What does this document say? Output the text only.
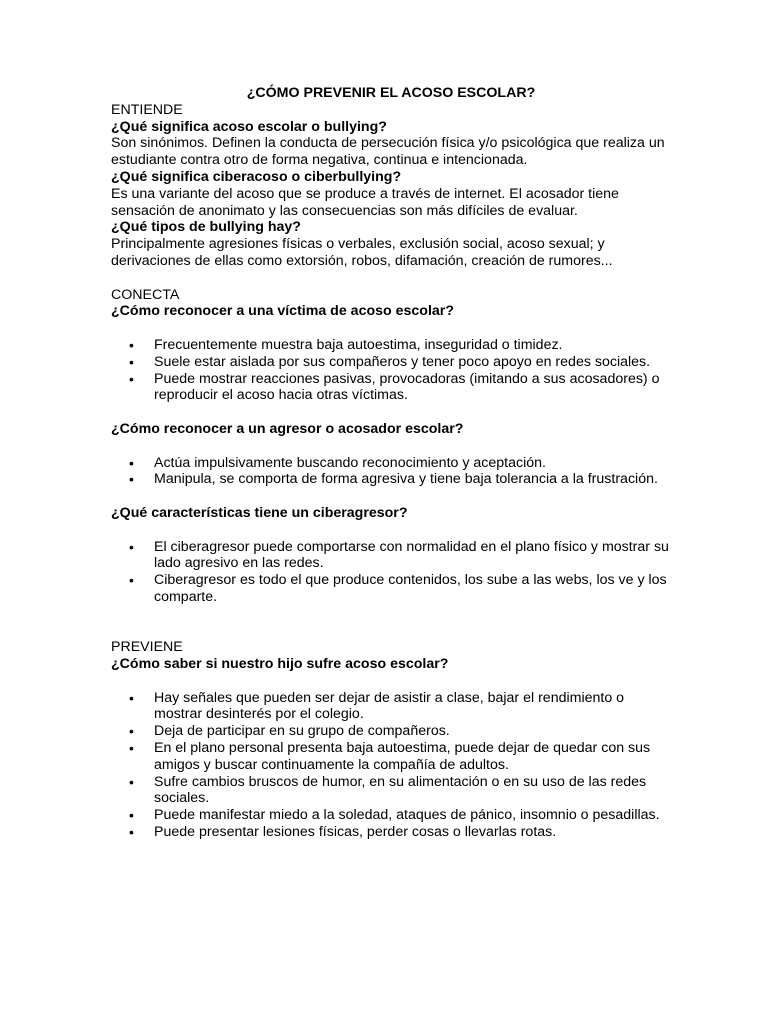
¿CÓMO PREVENIR EL ACOSO ESCOLAR?

ENTIENDE

¿Qué significa acoso escolar o bullying?

Son sinónimos. Definen la conducta de persecución física y/o psicológica que realiza un estudiante contra otro de forma negativa, continua e intencionada.

¿Qué significa ciberacoso o ciberbullying?

Es una variante del acoso que se produce a través de internet. El acosador tiene sensación de anonimato y las consecuencias son más difíciles de evaluar.

¿Qué tipos de bullying hay?

Principalmente agresiones físicas o verbales, exclusión social, acoso sexual; y derivaciones de ellas como extorsión, robos, difamación, creación de rumores...

CONECTA

¿Cómo reconocer a una víctima de acoso escolar?

• Frecuentemente muestra baja autoestima, inseguridad o timidez.
• Suele estar aislada por sus compañeros y tener poco apoyo en redes sociales.
• Puede mostrar reacciones pasivas, provocadoras (imitando a sus acosadores) o reproducir el acoso hacia otras víctimas.

¿Cómo reconocer a un agresor o acosador escolar?

• Actúa impulsivamente buscando reconocimiento y aceptación.
• Manipula, se comporta de forma agresiva y tiene baja tolerancia a la frustración.

¿Qué características tiene un ciberagresor?

• El ciberagresor puede comportarse con normalidad en el plano físico y mostrar su lado agresivo en las redes.
• Ciberagresor es todo el que produce contenidos, los sube a las webs, los ve y los comparte.

PREVIENE

¿Cómo saber si nuestro hijo sufre acoso escolar?

• Hay señales que pueden ser dejar de asistir a clase, bajar el rendimiento o mostrar desinterés por el colegio.
• Deja de participar en su grupo de compañeros.
• En el plano personal presenta baja autoestima, puede dejar de quedar con sus amigos y buscar continuamente la compañía de adultos.
• Sufre cambios bruscos de humor, en su alimentación o en su uso de las redes sociales.
• Puede manifestar miedo a la soledad, ataques de pánico, insomnio o pesadillas.
• Puede presentar lesiones físicas, perder cosas o llevarlas rotas.
